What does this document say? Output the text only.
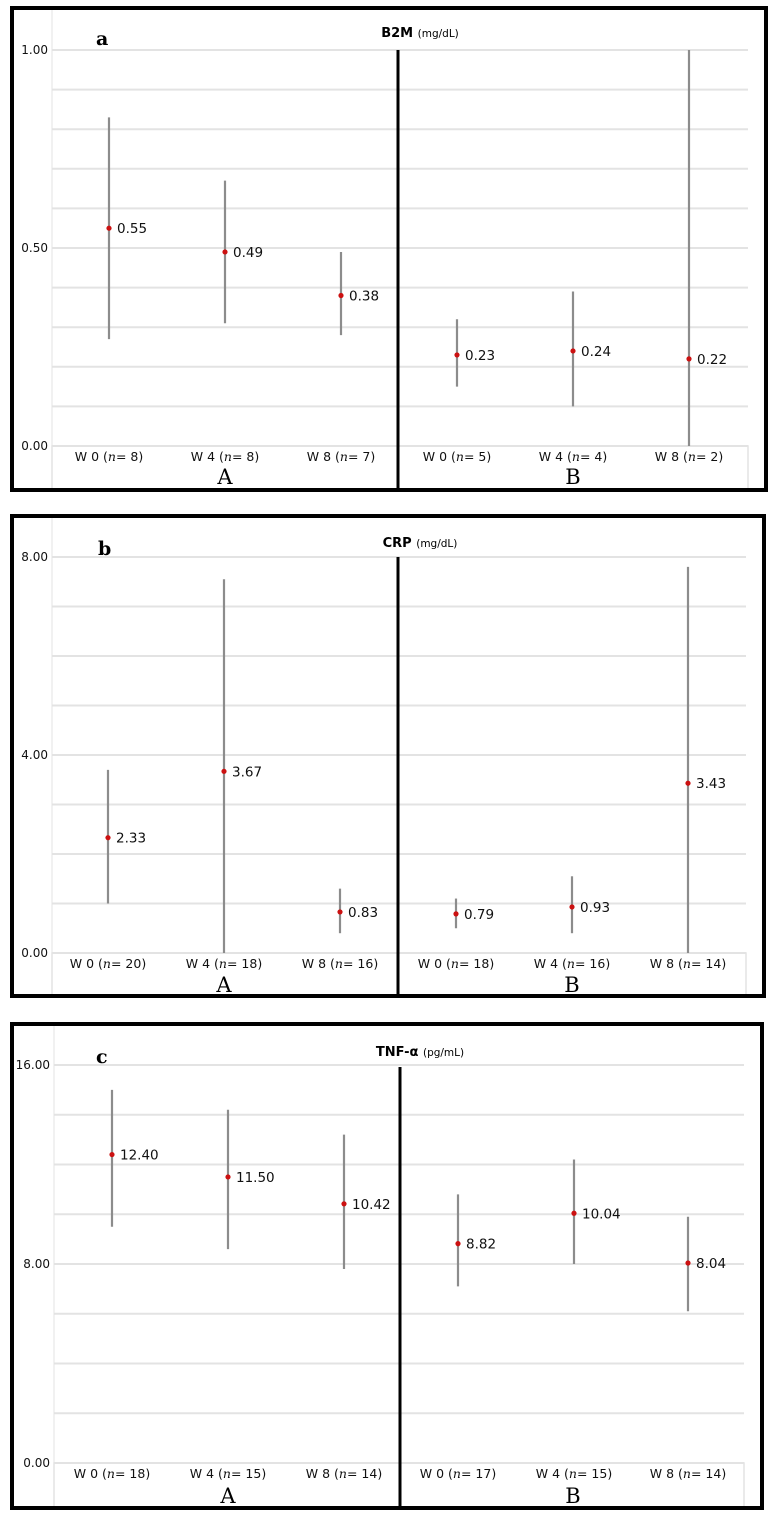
0.00
0.50
1.00	a	B2M (mg/dL)
0.55
0.49
0.38
0.23	0.24	0.22
W 0 (n= 8)	W 4 (n= 8)	W 8 (n= 7)	W 0 (n= 5)	W 4 (n= 4)	W 8 (n= 2)
A	B
0.00
4.00
8.00	b	CRP (mg/dL)
2.33
3.67
0.83	0.79	0.93
3.43
W 0 (n= 20)	W 4 (n= 18)	W 8 (n= 16)	W 0 (n= 18)	W 4 (n= 16)	W 8 (n= 14)
A	B
0.00
8.00
16.00 c	TNF-α (pg/mL)
12.40
11.50
10.42
8.82
10.04
8.04
W 0 (n= 18)	W 4 (n= 15)	W 8 (n= 14)	W 0 (n= 17)	W 4 (n= 15)	W 8 (n= 14)
A	B
